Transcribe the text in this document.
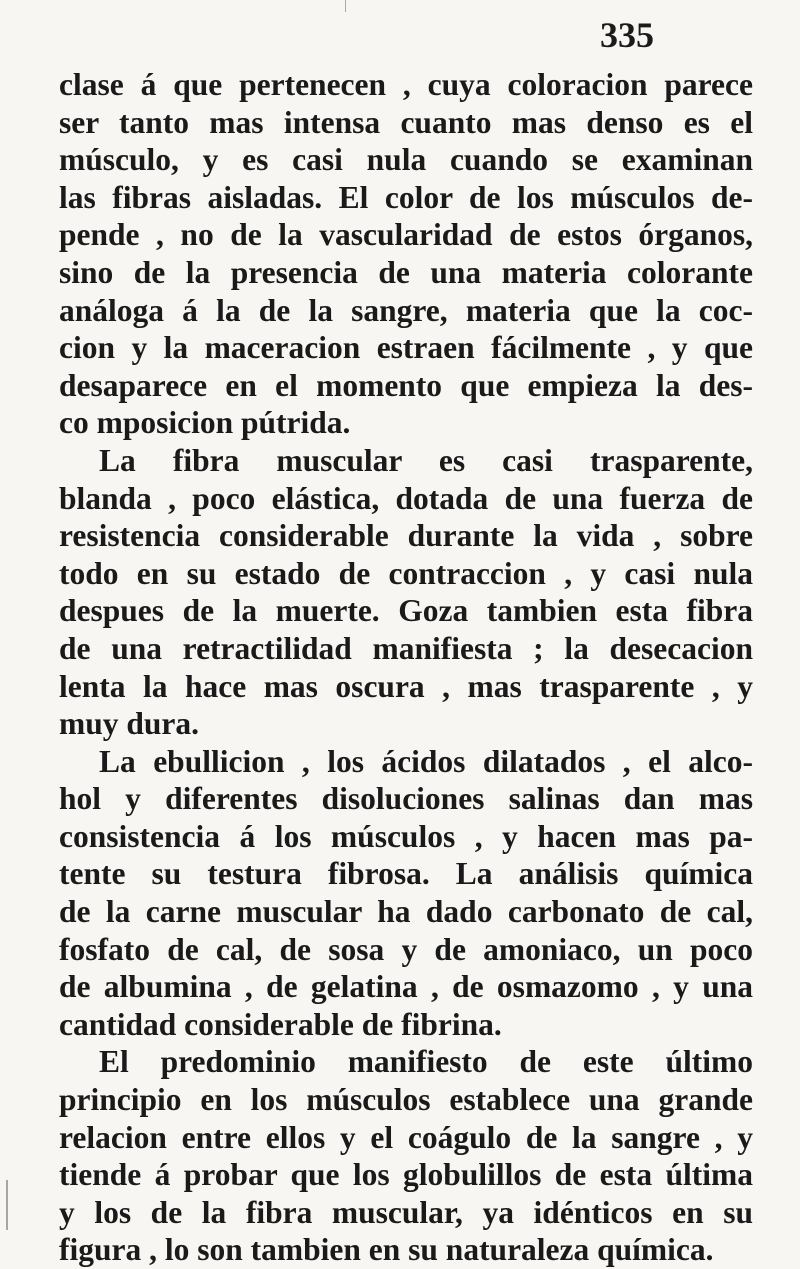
335
clase á que pertenecen , cuya coloracion parece
ser tanto mas intensa cuanto mas denso es el
músculo, y es casi nula cuando se examinan
las fibras aisladas. El color de los músculos de-
pende , no de la vascularidad de estos órganos,
sino de la presencia de una materia colorante
análoga á la de la sangre, materia que la coc-
cion y la maceracion estraen fácilmente , y que
desaparece en el momento que empieza la des-
co mposicion pútrida.
La fibra muscular es casi trasparente,
blanda , poco elástica, dotada de una fuerza de
resistencia considerable durante la vida , sobre
todo en su estado de contraccion , y casi nula
despues de la muerte. Goza tambien esta fibra
de una retractilidad manifiesta ; la desecacion
lenta la hace mas oscura , mas trasparente , y
muy dura.
La ebullicion , los ácidos dilatados , el alco-
hol y diferentes disoluciones salinas dan mas
consistencia á los músculos , y hacen mas pa-
tente su testura fibrosa. La análisis química
de la carne muscular ha dado carbonato de cal,
fosfato de cal, de sosa y de amoniaco, un poco
de albumina , de gelatina , de osmazomo , y una
cantidad considerable de fibrina.
El predominio manifiesto de este último
principio en los músculos establece una grande
relacion entre ellos y el coágulo de la sangre , y
tiende á probar que los globulillos de esta última
y los de la fibra muscular, ya idénticos en su
figura , lo son tambien en su naturaleza química.
